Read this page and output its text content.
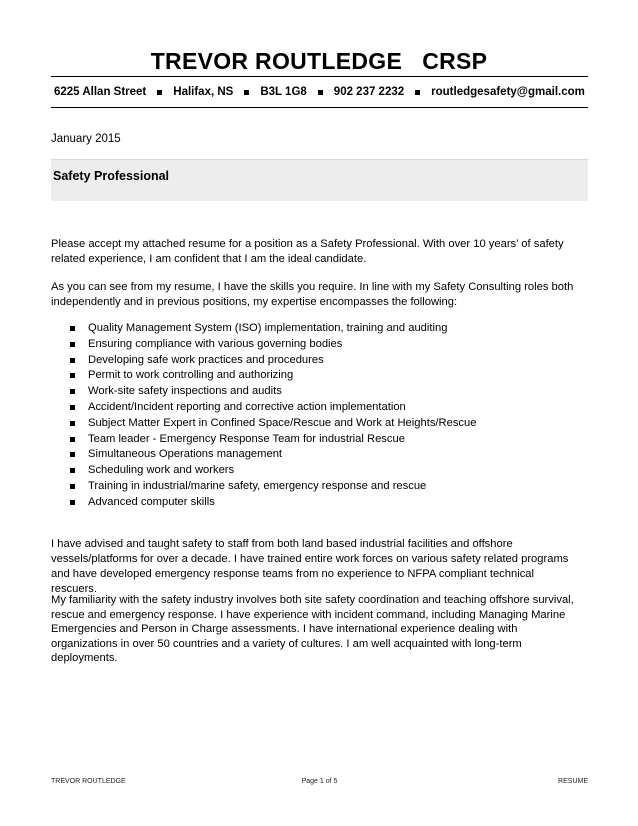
TREVOR ROUTLEDGE   CRSP
6225 Allan Street Halifax, NS B3L 1G8 902 237 2232 routledgesafety@gmail.com
January 2015
Safety Professional
Please accept my attached resume for a position as a Safety Professional. With over 10 years’ of safety related experience, I am confident that I am the ideal candidate.
As you can see from my resume, I have the skills you require. In line with my Safety Consulting roles both independently and in previous positions, my expertise encompasses the following:
Quality Management System (ISO) implementation, training and auditing
Ensuring compliance with various governing bodies
Developing safe work practices and procedures
Permit to work controlling and authorizing
Work-site safety inspections and audits
Accident/Incident reporting and corrective action implementation
Subject Matter Expert in Confined Space/Rescue and Work at Heights/Rescue
Team leader - Emergency Response Team for industrial Rescue
Simultaneous Operations management
Scheduling work and workers
Training in industrial/marine safety, emergency response and rescue
Advanced computer skills
I have advised and taught safety to staff from both land based industrial facilities and offshore vessels/platforms for over a decade. I have trained entire work forces on various safety related programs and have developed emergency response teams from no experience to NFPA compliant technical rescuers.
My familiarity with the safety industry involves both site safety coordination and teaching offshore survival, rescue and emergency response. I have experience with incident command, including Managing Marine Emergencies and Person in Charge assessments. I have international experience dealing with organizations in over 50 countries and a variety of cultures. I am well acquainted with long-term deployments.
TREVOR ROUTLEDGE	Page 1 of 5	RESUME
